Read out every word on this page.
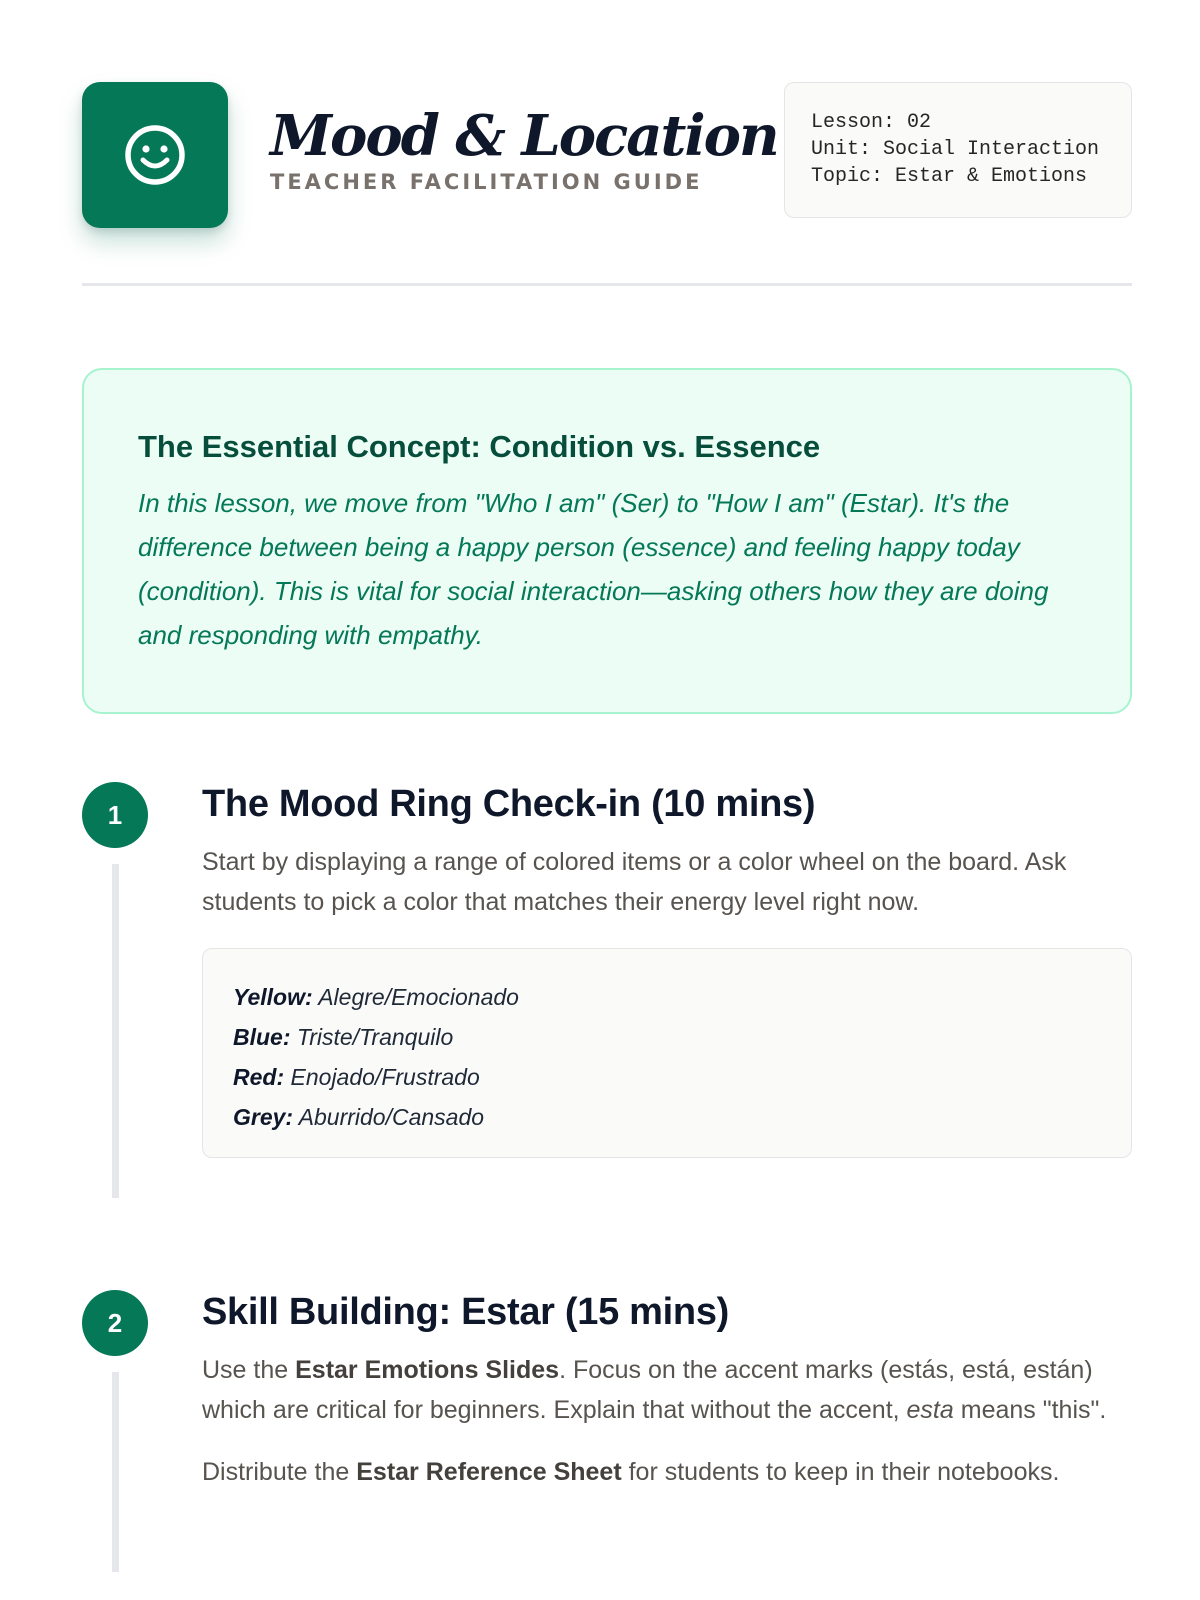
Mood & Location
TEACHER FACILITATION GUIDE
Lesson: 02
Unit: Social Interaction
Topic: Estar & Emotions
The Essential Concept: Condition vs. Essence
In this lesson, we move from "Who I am" (Ser) to "How I am" (Estar). It's the difference between being a happy person (essence) and feeling happy today (condition). This is vital for social interaction—asking others how they are doing and responding with empathy.
1	The Mood Ring Check-in (10 mins)
Start by displaying a range of colored items or a color wheel on the board. Ask students to pick a color that matches their energy level right now.
Yellow: Alegre/Emocionado
Blue: Triste/Tranquilo
Red: Enojado/Frustrado
Grey: Aburrido/Cansado
2	Skill Building: Estar (15 mins)
Use the Estar Emotions Slides. Focus on the accent marks (estás, está, están) which are critical for beginners. Explain that without the accent, esta means "this".
Distribute the Estar Reference Sheet for students to keep in their notebooks.
